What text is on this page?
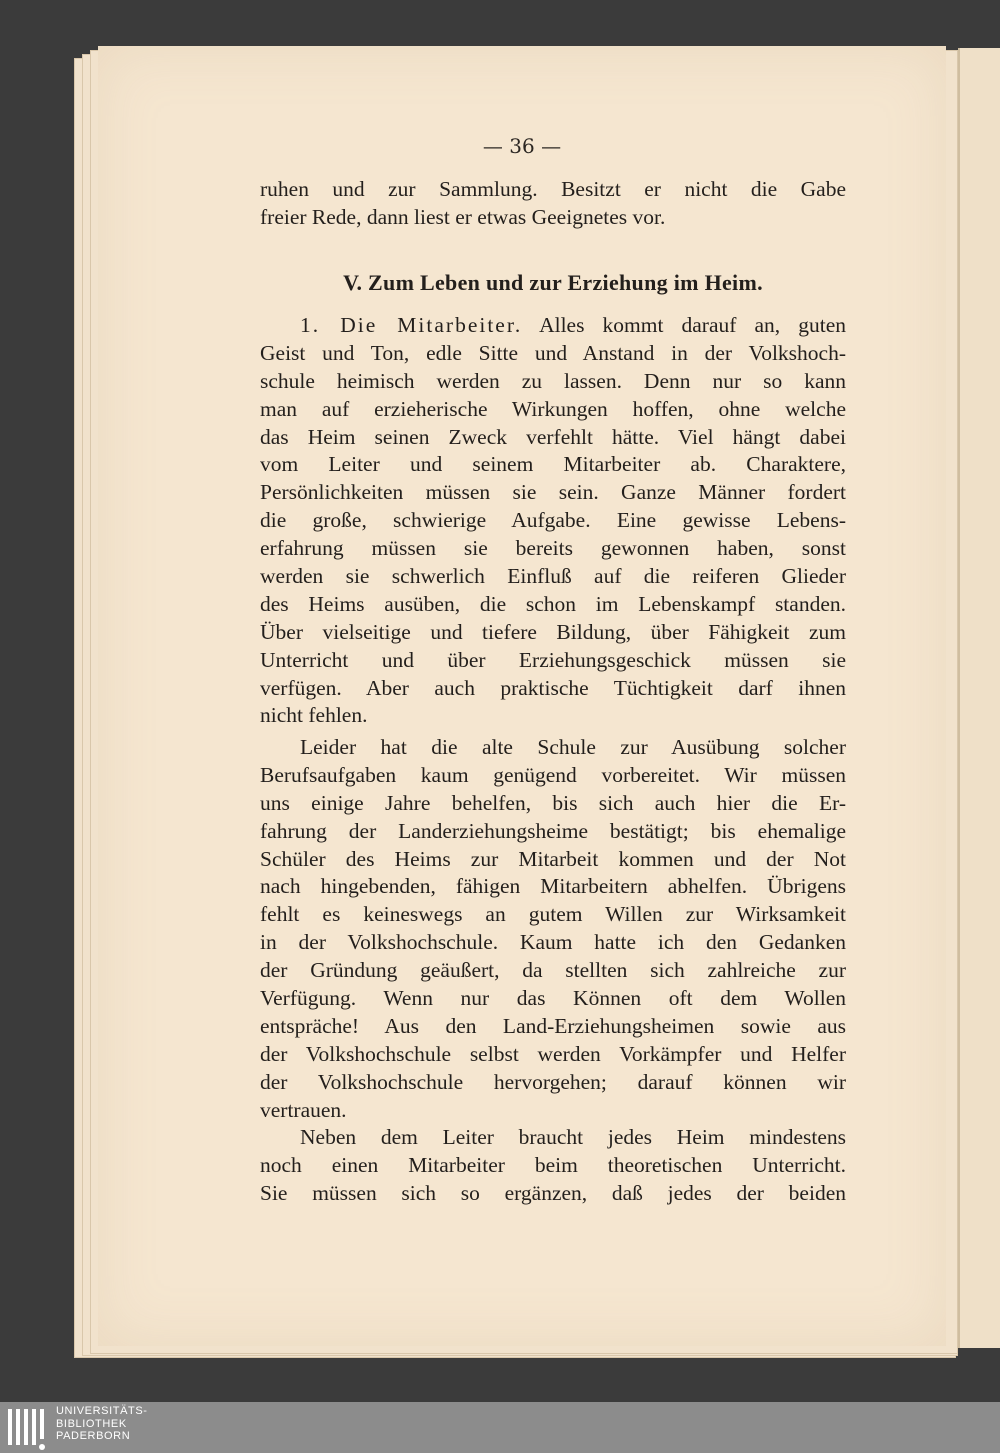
— 36 —
ruhen und zur Sammlung. Besitzt er nicht die Gabe
freier Rede, dann liest er etwas Geeignetes vor.
V. Zum Leben und zur Erziehung im Heim.
1. Die Mitarbeiter. Alles kommt darauf an, guten
Geist und Ton, edle Sitte und Anstand in der Volkshoch-
schule heimisch werden zu lassen. Denn nur so kann
man auf erzieherische Wirkungen hoffen, ohne welche
das Heim seinen Zweck verfehlt hätte. Viel hängt dabei
vom Leiter und seinem Mitarbeiter ab. Charaktere,
Persönlichkeiten müssen sie sein. Ganze Männer fordert
die große, schwierige Aufgabe. Eine gewisse Lebens-
erfahrung müssen sie bereits gewonnen haben, sonst
werden sie schwerlich Einfluß auf die reiferen Glieder
des Heims ausüben, die schon im Lebenskampf standen.
Über vielseitige und tiefere Bildung, über Fähigkeit zum
Unterricht und über Erziehungsgeschick müssen sie
verfügen. Aber auch praktische Tüchtigkeit darf ihnen
nicht fehlen.
Leider hat die alte Schule zur Ausübung solcher
Berufsaufgaben kaum genügend vorbereitet. Wir müssen
uns einige Jahre behelfen, bis sich auch hier die Er-
fahrung der Landerziehungsheime bestätigt; bis ehemalige
Schüler des Heims zur Mitarbeit kommen und der Not
nach hingebenden, fähigen Mitarbeitern abhelfen. Übrigens
fehlt es keineswegs an gutem Willen zur Wirksamkeit
in der Volkshochschule. Kaum hatte ich den Gedanken
der Gründung geäußert, da stellten sich zahlreiche zur
Verfügung. Wenn nur das Können oft dem Wollen
entspräche! Aus den Land-Erziehungsheimen sowie aus
der Volkshochschule selbst werden Vorkämpfer und Helfer
der Volkshochschule hervorgehen; darauf können wir
vertrauen.
Neben dem Leiter braucht jedes Heim mindestens
noch einen Mitarbeiter beim theoretischen Unterricht.
Sie müssen sich so ergänzen, daß jedes der beiden
UNIVERSITÄTS-
BIBLIOTHEK
PADERBORN
